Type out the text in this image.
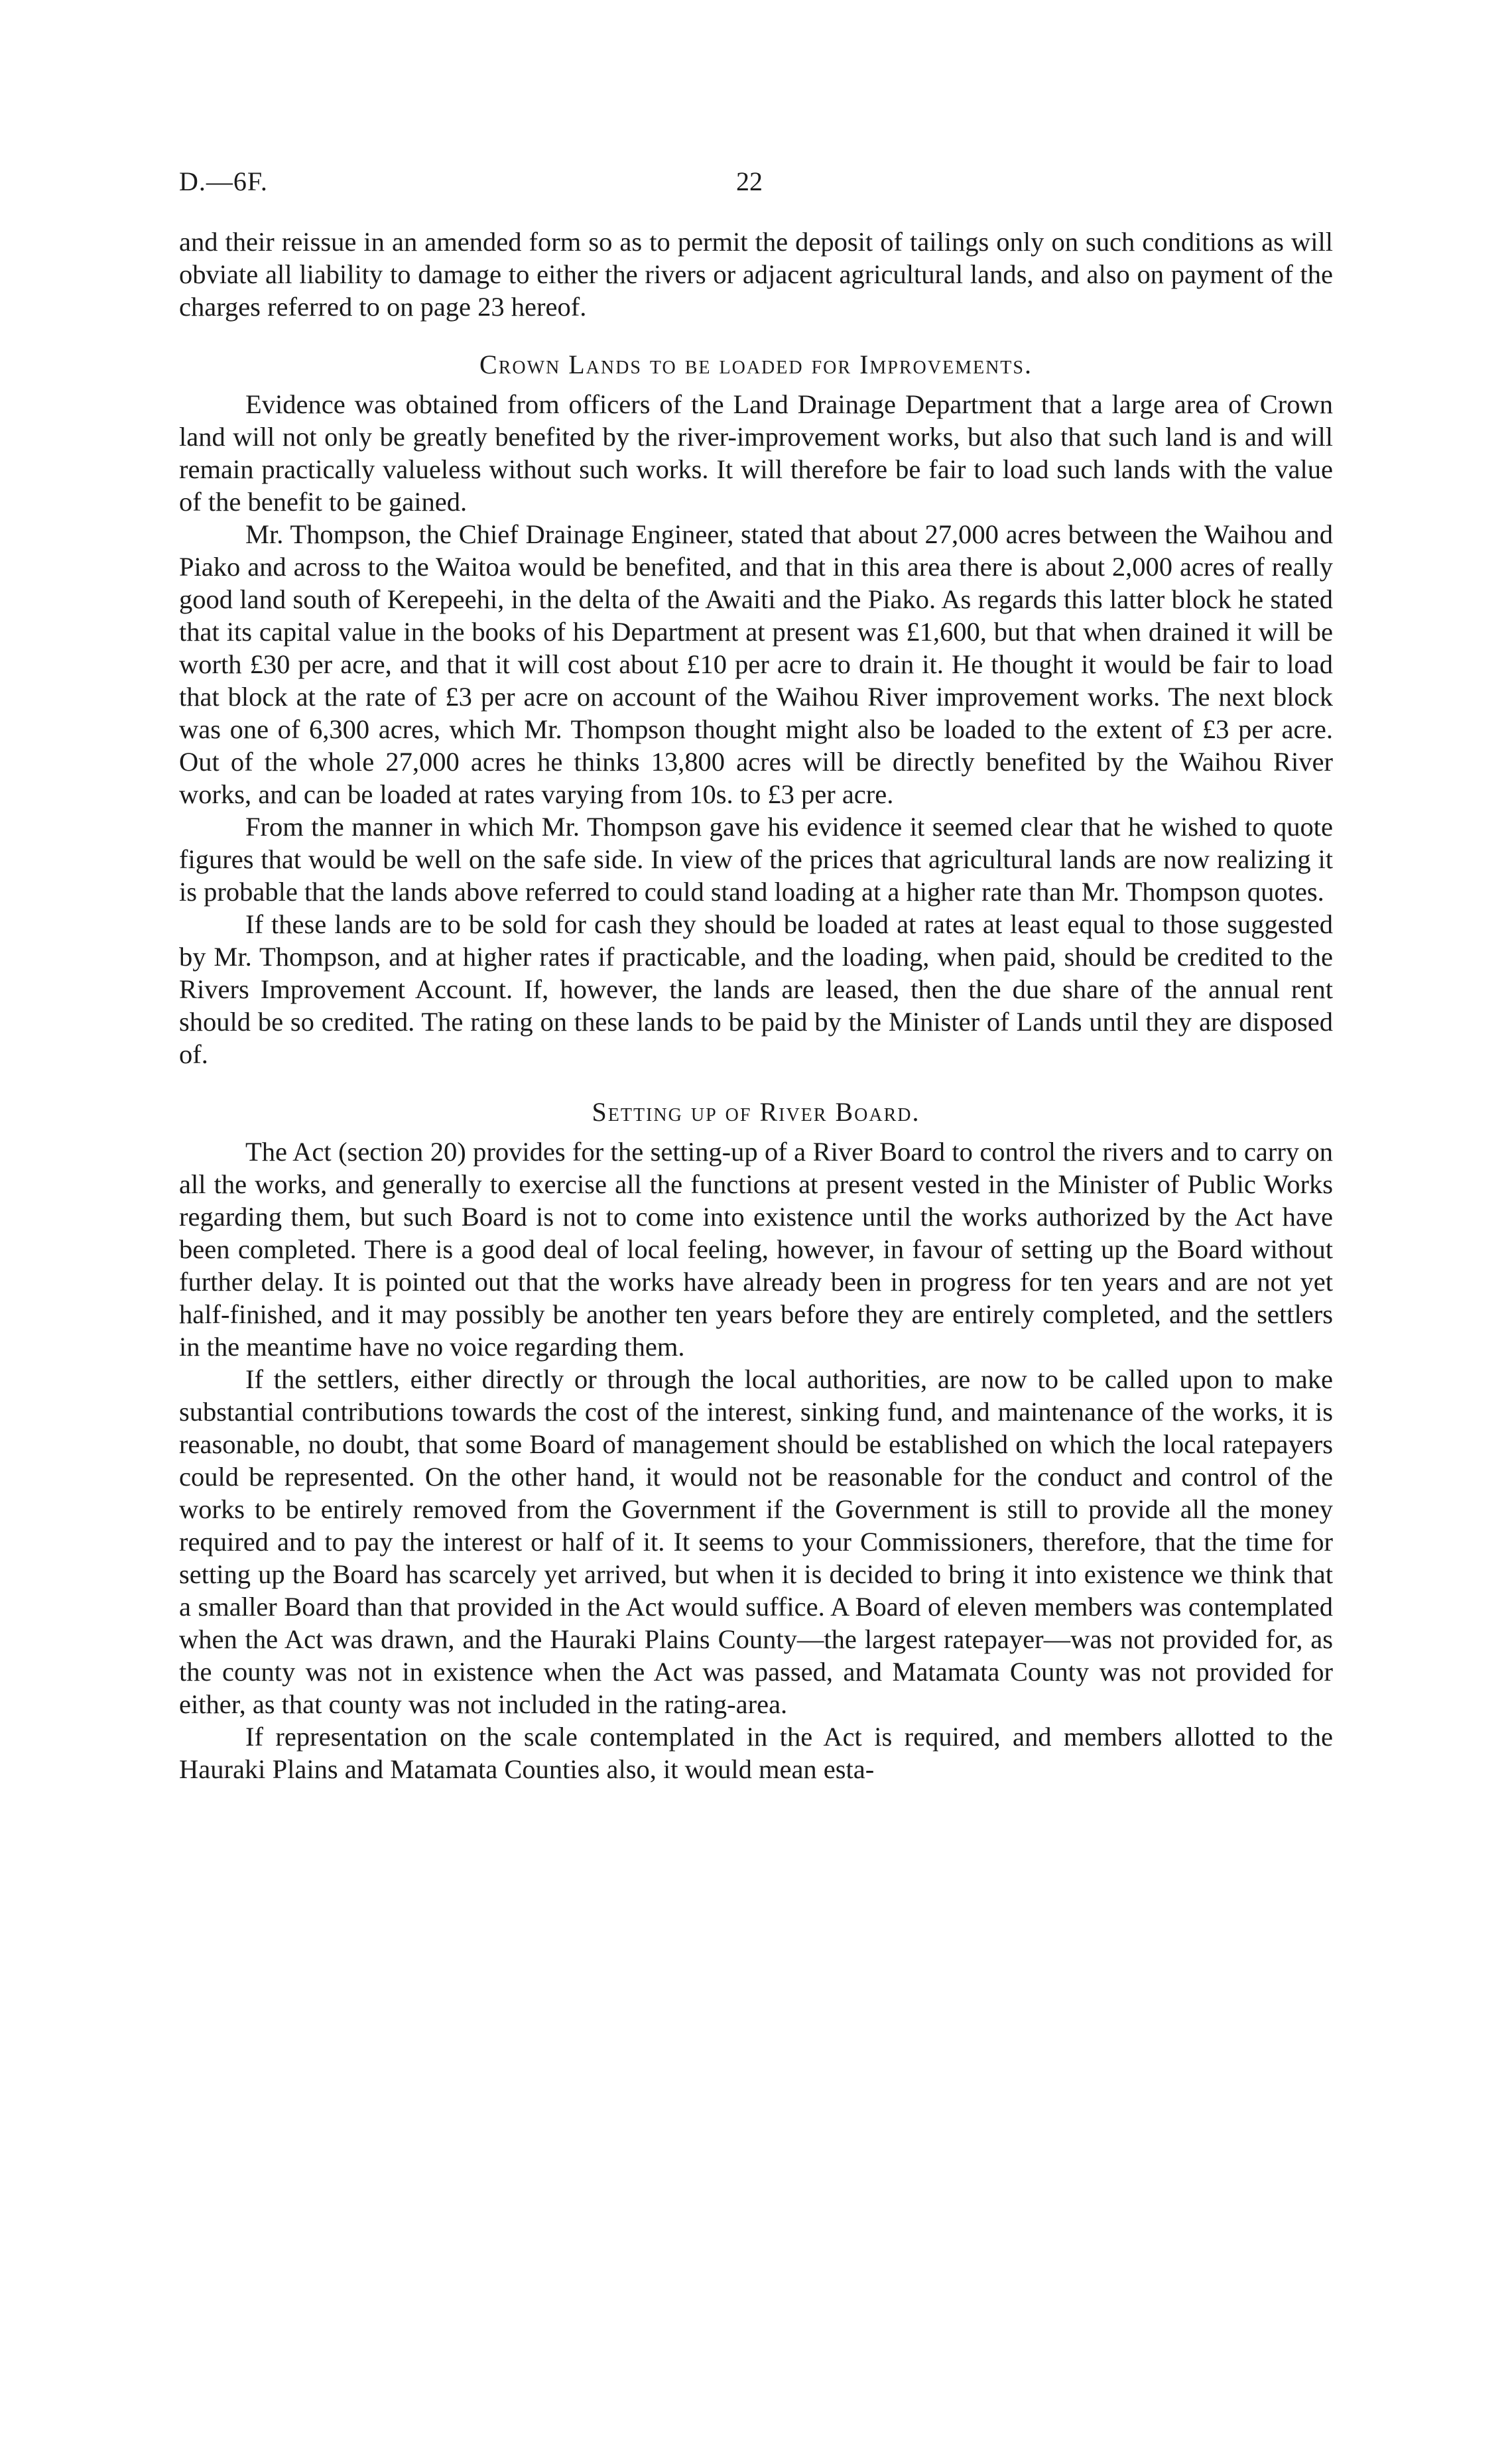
D.—6F.	22

and their reissue in an amended form so as to permit the deposit of tailings only on such conditions as will obviate all liability to damage to either the rivers or adjacent agricultural lands, and also on payment of the charges referred to on page 23 hereof.

Crown Lands to be loaded for Improvements.

Evidence was obtained from officers of the Land Drainage Department that a large area of Crown land will not only be greatly benefited by the river-improvement works, but also that such land is and will remain practically valueless without such works. It will therefore be fair to load such lands with the value of the benefit to be gained.

Mr. Thompson, the Chief Drainage Engineer, stated that about 27,000 acres between the Waihou and Piako and across to the Waitoa would be benefited, and that in this area there is about 2,000 acres of really good land south of Kerepeehi, in the delta of the Awaiti and the Piako. As regards this latter block he stated that its capital value in the books of his Department at present was £1,600, but that when drained it will be worth £30 per acre, and that it will cost about £10 per acre to drain it. He thought it would be fair to load that block at the rate of £3 per acre on account of the Waihou River improvement works. The next block was one of 6,300 acres, which Mr. Thompson thought might also be loaded to the extent of £3 per acre. Out of the whole 27,000 acres he thinks 13,800 acres will be directly benefited by the Waihou River works, and can be loaded at rates varying from 10s. to £3 per acre.

From the manner in which Mr. Thompson gave his evidence it seemed clear that he wished to quote figures that would be well on the safe side. In view of the prices that agricultural lands are now realizing it is probable that the lands above referred to could stand loading at a higher rate than Mr. Thompson quotes.

If these lands are to be sold for cash they should be loaded at rates at least equal to those suggested by Mr. Thompson, and at higher rates if practicable, and the loading, when paid, should be credited to the Rivers Improvement Account. If, however, the lands are leased, then the due share of the annual rent should be so credited. The rating on these lands to be paid by the Minister of Lands until they are disposed of.

Setting up of River Board.

The Act (section 20) provides for the setting-up of a River Board to control the rivers and to carry on all the works, and generally to exercise all the functions at present vested in the Minister of Public Works regarding them, but such Board is not to come into existence until the works authorized by the Act have been completed. There is a good deal of local feeling, however, in favour of setting up the Board without further delay. It is pointed out that the works have already been in progress for ten years and are not yet half-finished, and it may possibly be another ten years before they are entirely completed, and the settlers in the meantime have no voice regarding them.

If the settlers, either directly or through the local authorities, are now to be called upon to make substantial contributions towards the cost of the interest, sinking fund, and maintenance of the works, it is reasonable, no doubt, that some Board of management should be established on which the local ratepayers could be represented. On the other hand, it would not be reasonable for the conduct and control of the works to be entirely removed from the Government if the Government is still to provide all the money required and to pay the interest or half of it. It seems to your Commissioners, therefore, that the time for setting up the Board has scarcely yet arrived, but when it is decided to bring it into existence we think that a smaller Board than that provided in the Act would suffice. A Board of eleven members was contemplated when the Act was drawn, and the Hauraki Plains County—the largest ratepayer—was not provided for, as the county was not in existence when the Act was passed, and Matamata County was not provided for either, as that county was not included in the rating-area.

If representation on the scale contemplated in the Act is required, and members allotted to the Hauraki Plains and Matamata Counties also, it would mean esta-
